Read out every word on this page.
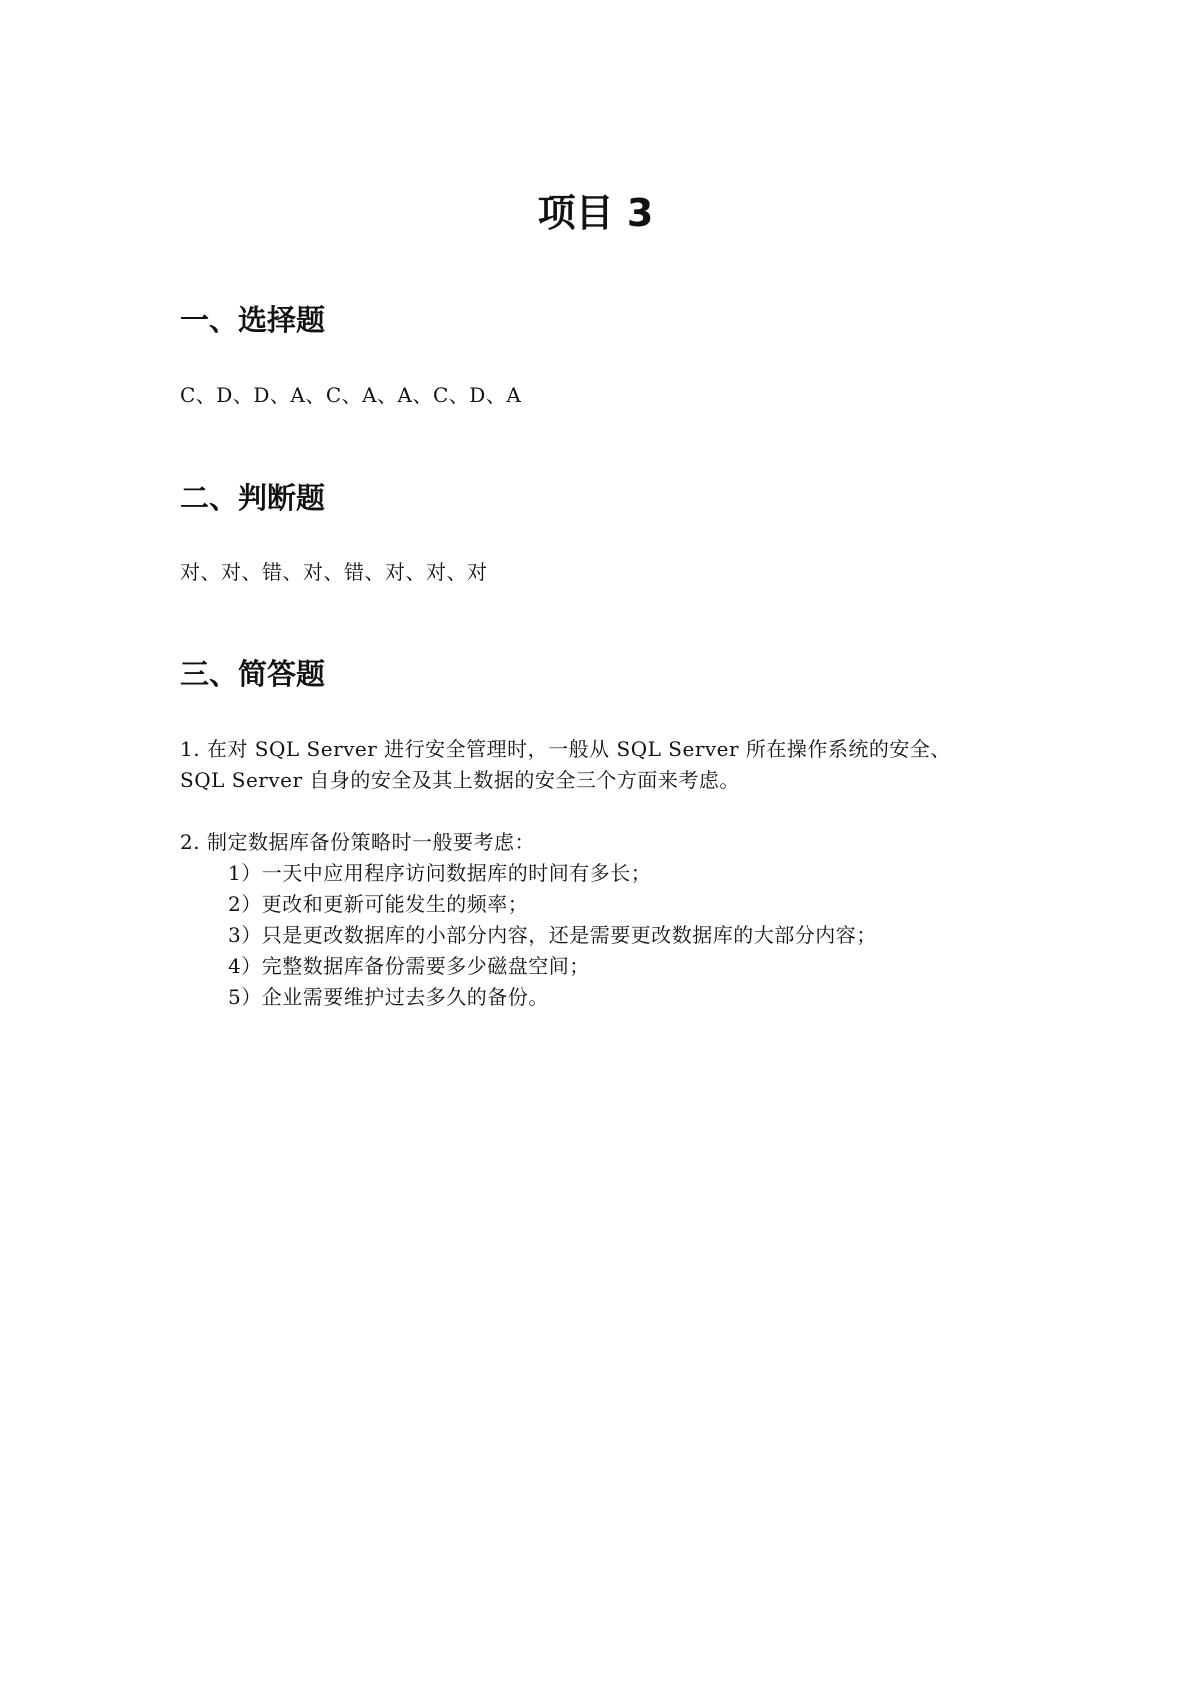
项目 3
一、选择题

C、D、D、A、C、A、A、C、D、A

二、判断题

对、对、错、对、错、对、对、对

三、简答题

1. 在对 SQL Server 进行安全管理时，一般从 SQL Server 所在操作系统的安全、

SQL Server 自身的安全及其上数据的安全三个方面来考虑。

2. 制定数据库备份策略时一般要考虑：

1）一天中应用程序访问数据库的时间有多长；

2）更改和更新可能发生的频率；

3）只是更改数据库的小部分内容，还是需要更改数据库的大部分内容；

4）完整数据库备份需要多少磁盘空间；

5）企业需要维护过去多久的备份。
